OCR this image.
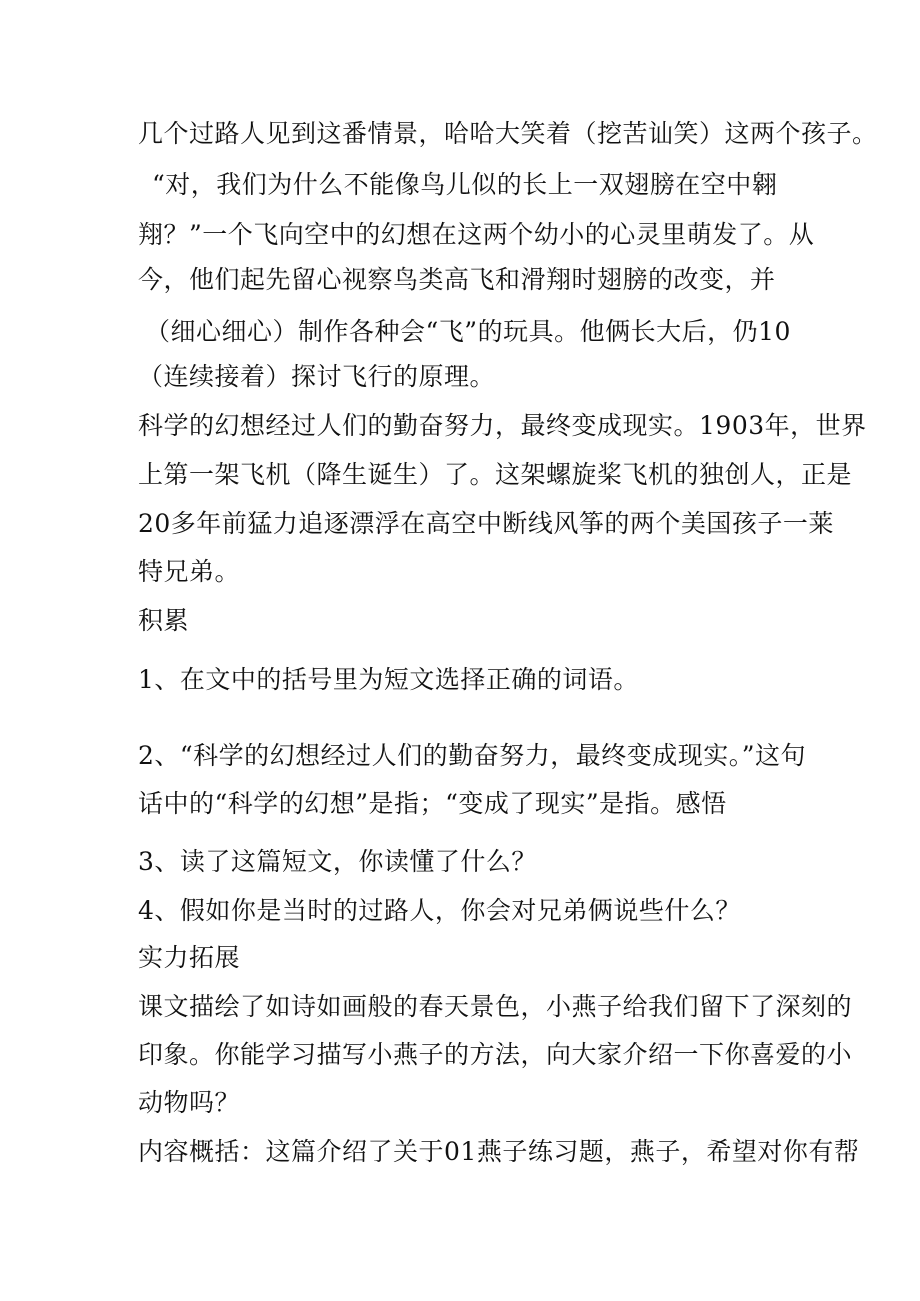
几个过路人见到这番情景，哈哈大笑着（挖苦讪笑）这两个孩子。
“对，我们为什么不能像鸟儿似的长上一双翅膀在空中翱
翔？”一个飞向空中的幻想在这两个幼小的心灵里萌发了。从
今，他们起先留心视察鸟类高飞和滑翔时翅膀的改变，并
（细心细心）制作各种会“飞”的玩具。他俩长大后，仍10
（连续接着）探讨飞行的原理。
科学的幻想经过人们的勤奋努力，最终变成现实。1903年，世界
上第一架飞机（降生诞生）了。这架螺旋桨飞机的独创人，正是
20多年前猛力追逐漂浮在高空中断线风筝的两个美国孩子一莱
特兄弟。
积累
1、在文中的括号里为短文选择正确的词语。
2、“科学的幻想经过人们的勤奋努力，最终变成现实。”这句
话中的“科学的幻想”是指；“变成了现实”是指。感悟
3、读了这篇短文，你读懂了什么？
4、假如你是当时的过路人，你会对兄弟俩说些什么？
实力拓展
课文描绘了如诗如画般的春天景色，小燕子给我们留下了深刻的
印象。你能学习描写小燕子的方法，向大家介绍一下你喜爱的小
动物吗？
内容概括：这篇介绍了关于01燕子练习题，燕子，希望对你有帮
